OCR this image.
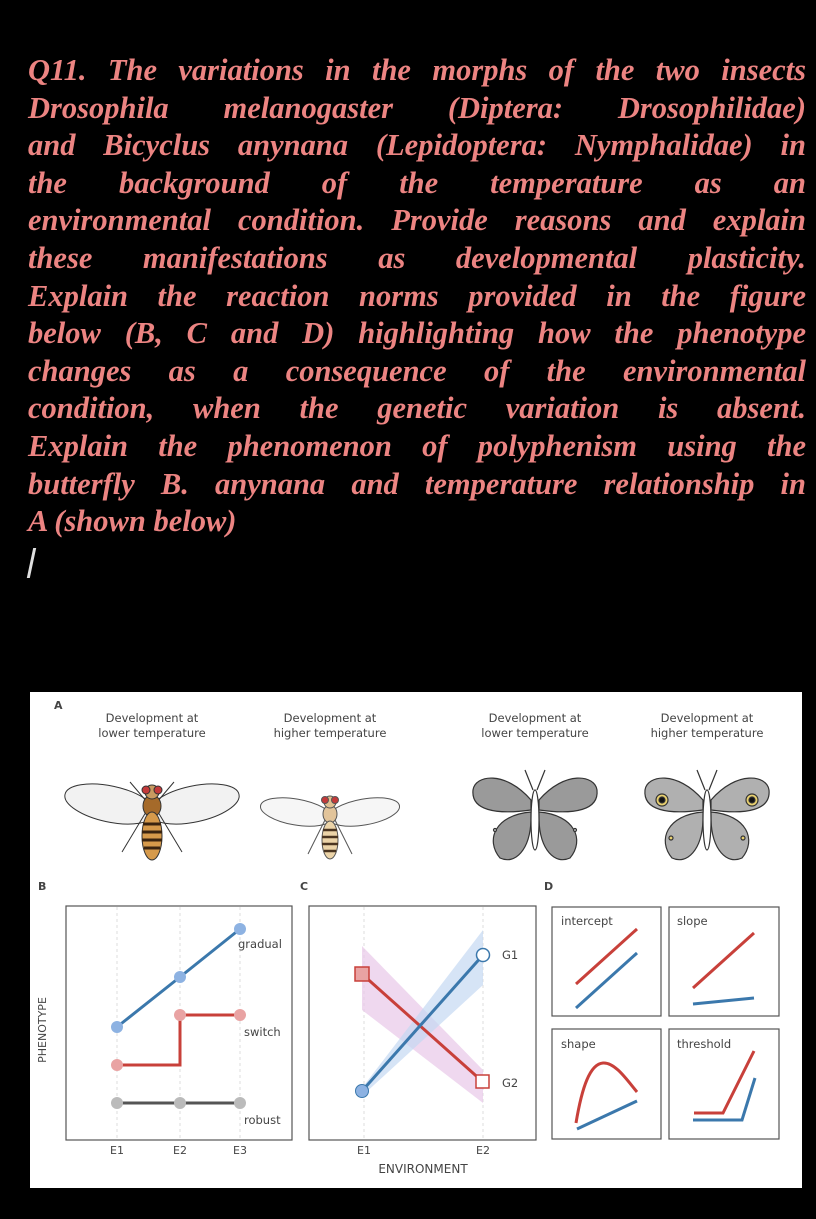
Q11. The variations in the morphs of the two insects
Drosophila melanogaster (Diptera: Drosophilidae)
and Bicyclus anynana (Lepidoptera: Nymphalidae) in
the background of the temperature as an
environmental condition. Provide reasons and explain
these manifestations as developmental plasticity.
Explain the reaction norms provided in the figure
below (B, C and D) highlighting how the phenotype
changes as a consequence of the environmental
condition, when the genetic variation is absent.
Explain the phenomenon of polyphenism using the
butterfly B. anynana and temperature relationship in
A (shown below)
A
Development at
lower temperature
Development at
higher temperature
Development at
lower temperature
Development at
higher temperature
B
PHENOTYPE
E1	E2	E3
gradual
switch
robust
C
G1
G2
E1	E2
ENVIRONMENT
D
intercept	slope
shape	threshold
